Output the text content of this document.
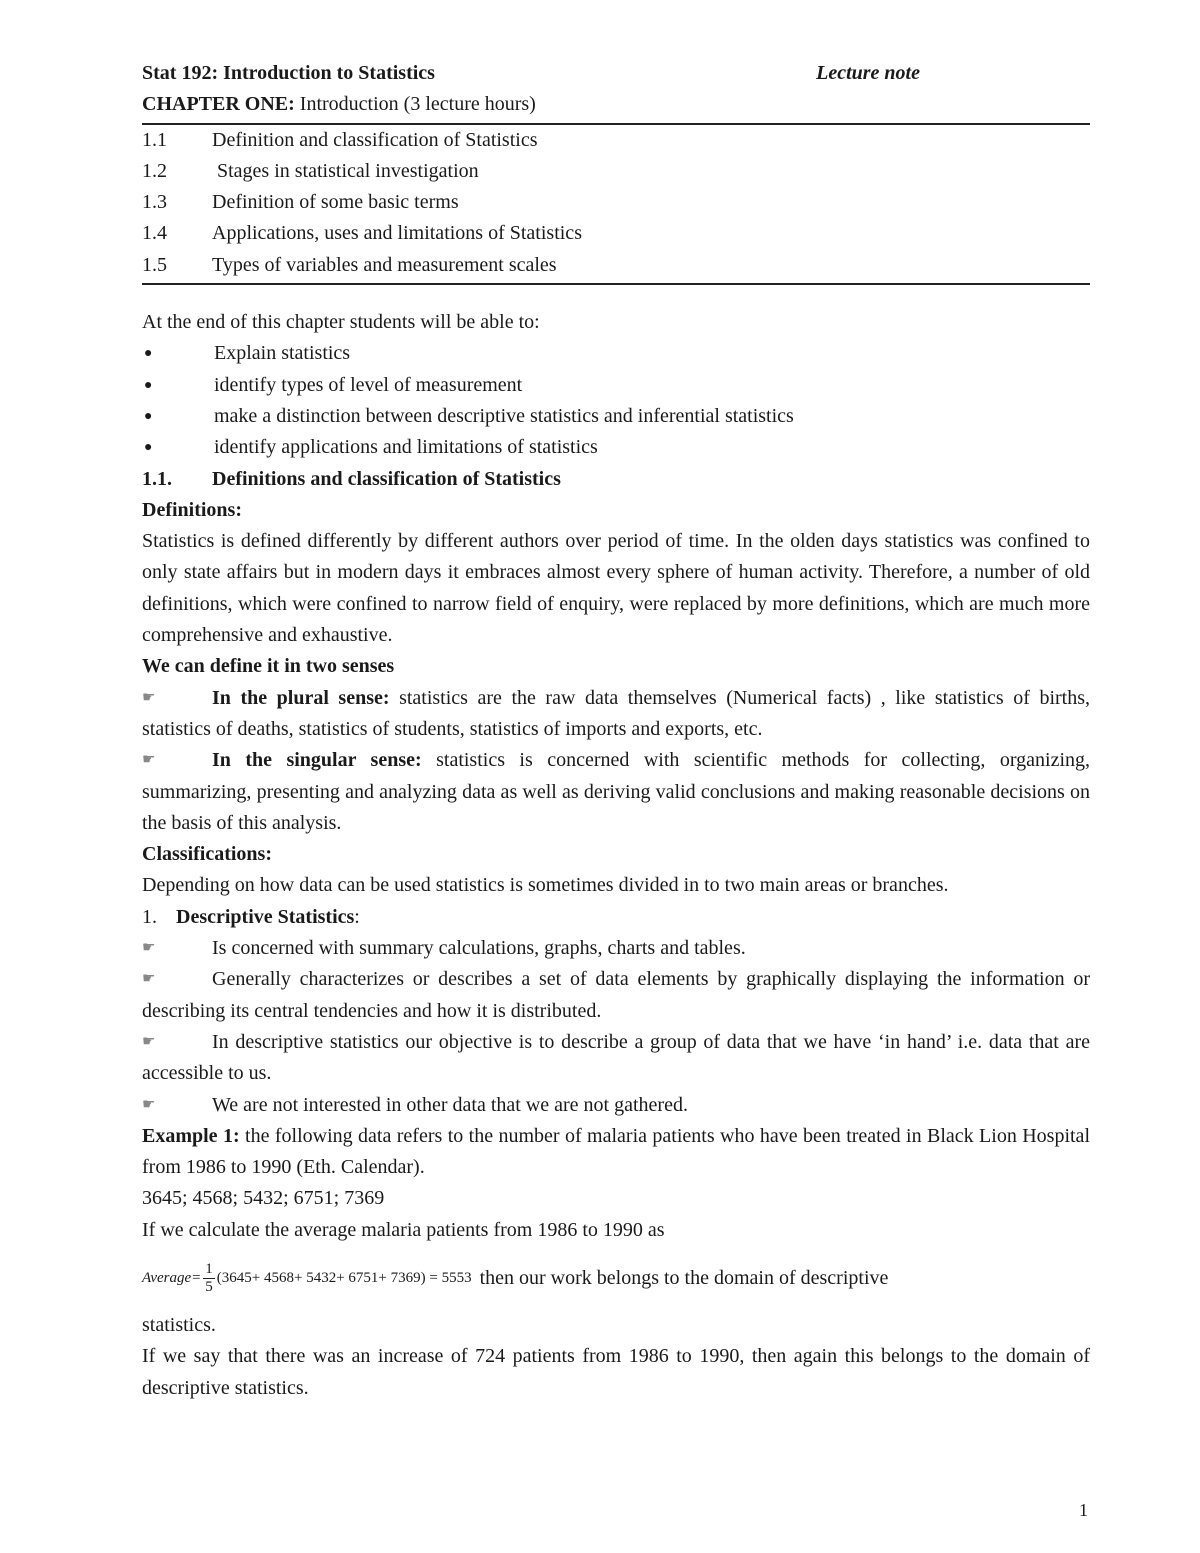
Stat 192: Introduction to Statistics	Lecture note
CHAPTER ONE: Introduction (3 lecture hours)
1.1	Definition and classification of Statistics
1.2	Stages in statistical investigation
1.3	Definition of some basic terms
1.4	Applications, uses and limitations of Statistics
1.5	Types of variables and measurement scales
At the end of this chapter students will be able to:
●	Explain statistics
●	identify types of level of measurement
●	make a distinction between descriptive statistics and inferential statistics
●	identify applications and limitations of statistics
1.1.	Definitions and classification of Statistics
Definitions:
Statistics is defined differently by different authors over period of time. In the olden days statistics was confined to only state affairs but in modern days it embraces almost every sphere of human activity. Therefore, a number of old definitions, which were confined to narrow field of enquiry, were replaced by more definitions, which are much more comprehensive and exhaustive.
We can define it in two senses
☛	In the plural sense: statistics are the raw data themselves (Numerical facts) , like statistics of births, statistics of deaths, statistics of students, statistics of imports and exports, etc.
☛	In the singular sense: statistics is concerned with scientific methods for collecting, organizing, summarizing, presenting and analyzing data as well as deriving valid conclusions and making reasonable decisions on the basis of this analysis.
Classifications:
Depending on how data can be used statistics is sometimes divided in to two main areas or branches.
1. Descriptive Statistics:
☛	Is concerned with summary calculations, graphs, charts and tables.
☛	Generally characterizes or describes a set of data elements by graphically displaying the information or describing its central tendencies and how it is distributed.
☛	In descriptive statistics our objective is to describe a group of data that we have ‘in hand’ i.e. data that are accessible to us.
☛	We are not interested in other data that we are not gathered.
Example 1: the following data refers to the number of malaria patients who have been treated in Black Lion Hospital from 1986 to 1990 (Eth. Calendar).
3645; 4568; 5432; 6751; 7369
If we calculate the average malaria patients from 1986 to 1990 as
Average= $\frac{1}{5} (3645+ 4568+ 5432+ 6751+ 7369) = 5553$ then our work belongs to the domain of descriptive
statistics.
If we say that there was an increase of 724 patients from 1986 to 1990, then again this belongs to the domain of descriptive statistics.
1
